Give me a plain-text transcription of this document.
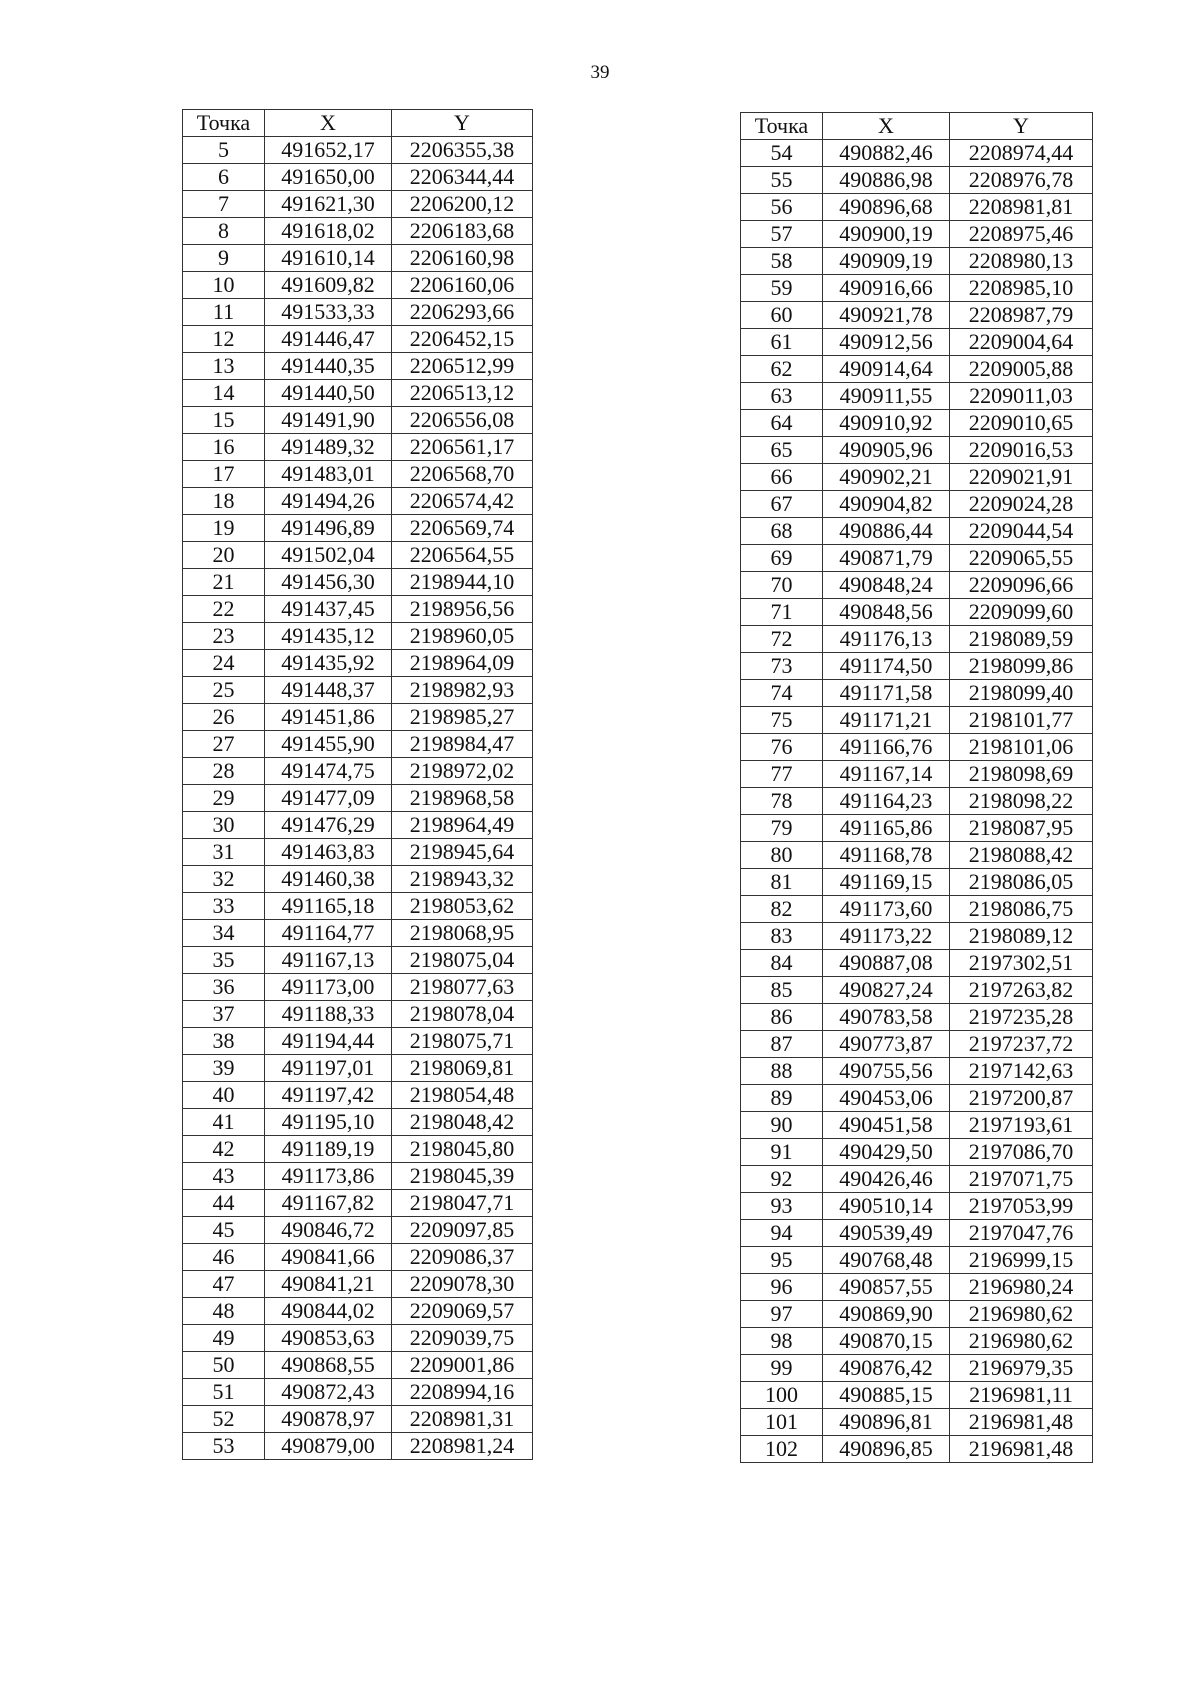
39
Точка	X	Y
5	491652,17	2206355,38
6	491650,00	2206344,44
7	491621,30	2206200,12
8	491618,02	2206183,68
9	491610,14	2206160,98
10	491609,82	2206160,06
11	491533,33	2206293,66
12	491446,47	2206452,15
13	491440,35	2206512,99
14	491440,50	2206513,12
15	491491,90	2206556,08
16	491489,32	2206561,17
17	491483,01	2206568,70
18	491494,26	2206574,42
19	491496,89	2206569,74
20	491502,04	2206564,55
21	491456,30	2198944,10
22	491437,45	2198956,56
23	491435,12	2198960,05
24	491435,92	2198964,09
25	491448,37	2198982,93
26	491451,86	2198985,27
27	491455,90	2198984,47
28	491474,75	2198972,02
29	491477,09	2198968,58
30	491476,29	2198964,49
31	491463,83	2198945,64
32	491460,38	2198943,32
33	491165,18	2198053,62
34	491164,77	2198068,95
35	491167,13	2198075,04
36	491173,00	2198077,63
37	491188,33	2198078,04
38	491194,44	2198075,71
39	491197,01	2198069,81
40	491197,42	2198054,48
41	491195,10	2198048,42
42	491189,19	2198045,80
43	491173,86	2198045,39
44	491167,82	2198047,71
45	490846,72	2209097,85
46	490841,66	2209086,37
47	490841,21	2209078,30
48	490844,02	2209069,57
49	490853,63	2209039,75
50	490868,55	2209001,86
51	490872,43	2208994,16
52	490878,97	2208981,31
53	490879,00	2208981,24
Точка	X	Y
54	490882,46	2208974,44
55	490886,98	2208976,78
56	490896,68	2208981,81
57	490900,19	2208975,46
58	490909,19	2208980,13
59	490916,66	2208985,10
60	490921,78	2208987,79
61	490912,56	2209004,64
62	490914,64	2209005,88
63	490911,55	2209011,03
64	490910,92	2209010,65
65	490905,96	2209016,53
66	490902,21	2209021,91
67	490904,82	2209024,28
68	490886,44	2209044,54
69	490871,79	2209065,55
70	490848,24	2209096,66
71	490848,56	2209099,60
72	491176,13	2198089,59
73	491174,50	2198099,86
74	491171,58	2198099,40
75	491171,21	2198101,77
76	491166,76	2198101,06
77	491167,14	2198098,69
78	491164,23	2198098,22
79	491165,86	2198087,95
80	491168,78	2198088,42
81	491169,15	2198086,05
82	491173,60	2198086,75
83	491173,22	2198089,12
84	490887,08	2197302,51
85	490827,24	2197263,82
86	490783,58	2197235,28
87	490773,87	2197237,72
88	490755,56	2197142,63
89	490453,06	2197200,87
90	490451,58	2197193,61
91	490429,50	2197086,70
92	490426,46	2197071,75
93	490510,14	2197053,99
94	490539,49	2197047,76
95	490768,48	2196999,15
96	490857,55	2196980,24
97	490869,90	2196980,62
98	490870,15	2196980,62
99	490876,42	2196979,35
100	490885,15	2196981,11
101	490896,81	2196981,48
102	490896,85	2196981,48
